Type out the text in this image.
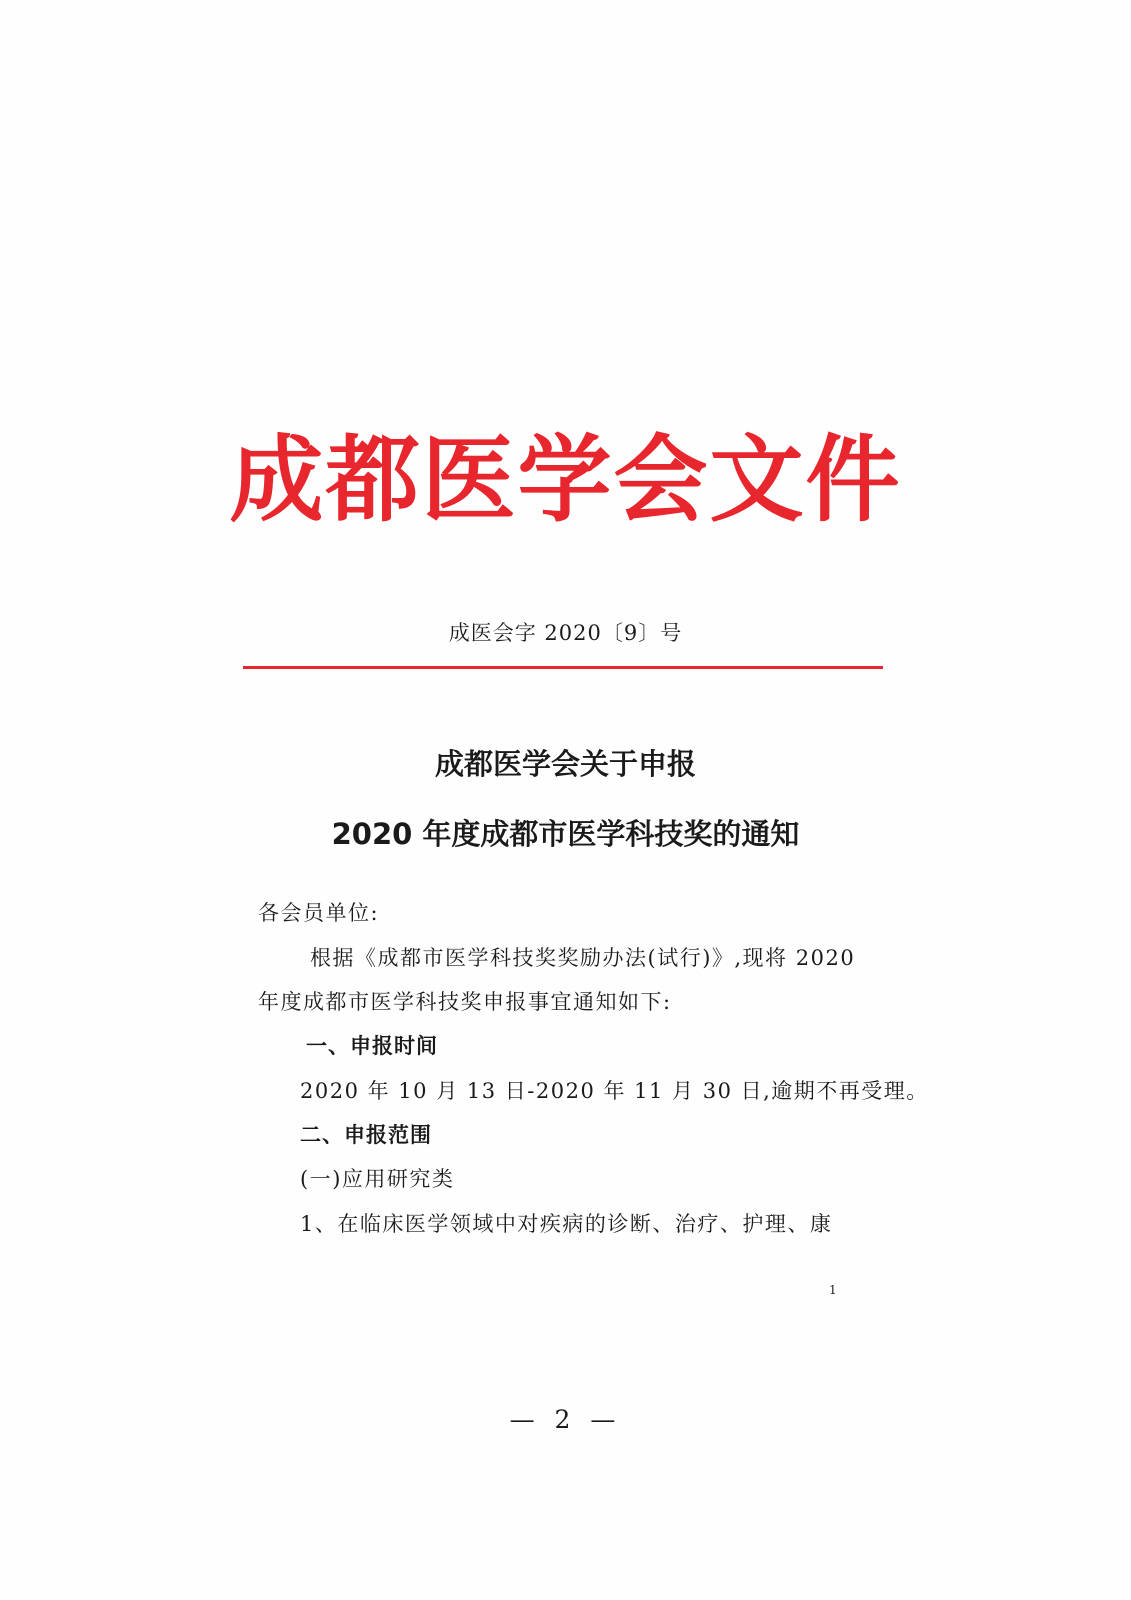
成都医学会文件
成医会字 2020〔9〕号
成都医学会关于申报
2020 年度成都市医学科技奖的通知
各会员单位:
根据《成都市医学科技奖奖励办法(试行)》,现将 2020
年度成都市医学科技奖申报事宜通知如下:
一、申报时间
2020 年 10 月 13 日-2020 年 11 月 30 日,逾期不再受理。
二、申报范围
(一)应用研究类
1、在临床医学领域中对疾病的诊断、治疗、护理、康
1
— 2 —
